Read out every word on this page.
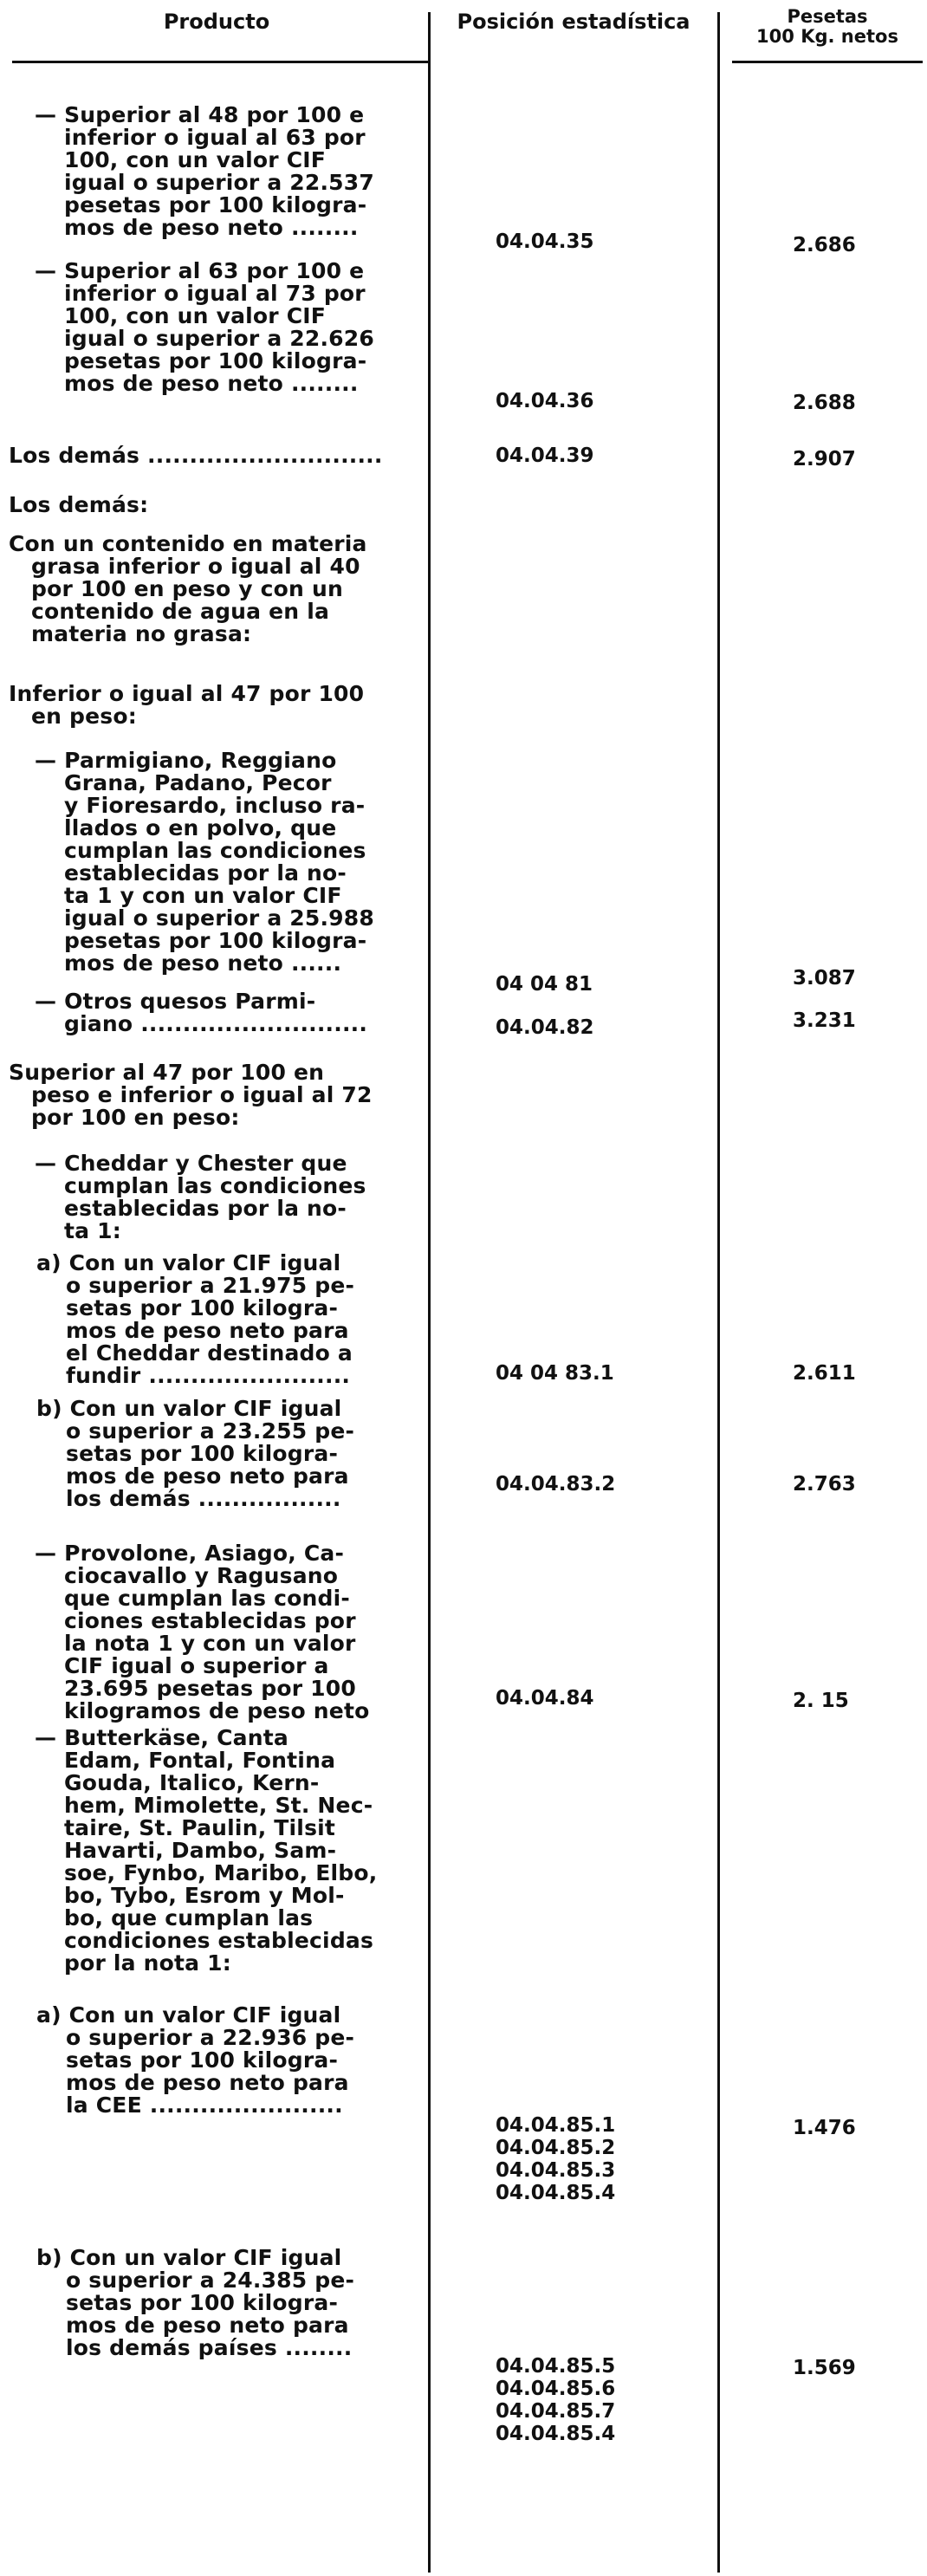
Producto	Posición estadística	Pesetas
100 Kg. netos
— Superior al 48 por 100 e
inferior o igual al 63 por
100, con un valor CIF
igual o superior a 22.537
pesetas por 100 kilogra-
mos de peso neto ........
— Superior al 63 por 100 e
inferior o igual al 73 por
100, con un valor CIF
igual o superior a 22.626
pesetas por 100 kilogra-
mos de peso neto ........
Los demás ............................
Los demás:
Con un contenido en materia
grasa inferior o igual al 40
por 100 en peso y con un
contenido de agua en la
materia no grasa:
Inferior o igual al 47 por 100
en peso:
— Parmigiano, Reggiano
Grana, Padano, Pecor
y Fioresardo, incluso ra-
llados o en polvo, que
cumplan las condiciones
establecidas por la no-
ta 1 y con un valor CIF
igual o superior a 25.988
pesetas por 100 kilogra-
mos de peso neto ......
— Otros quesos Parmi-
giano ...........................
Superior al 47 por 100 en
peso e inferior o igual al 72
por 100 en peso:
— Cheddar y Chester que
cumplan las condiciones
establecidas por la no-
ta 1:
a) Con un valor CIF igual
o superior a 21.975 pe-
setas por 100 kilogra-
mos de peso neto para
el Cheddar destinado a
fundir ........................
b) Con un valor CIF igual
o superior a 23.255 pe-
setas por 100 kilogra-
mos de peso neto para
los demás .................
— Provolone, Asiago, Ca-
ciocavallo y Ragusano
que cumplan las condi-
ciones establecidas por
la nota 1 y con un valor
CIF igual o superior a
23.695 pesetas por 100
kilogramos de peso neto
— Butterkäse, Canta
Edam, Fontal, Fontina
Gouda, Italico, Kern-
hem, Mimolette, St. Nec-
taire, St. Paulin, Tilsit
Havarti, Dambo, Sam-
soe, Fynbo, Maribo, Elbo,
bo, Tybo, Esrom y Mol-
bo, que cumplan las
condiciones establecidas
por la nota 1:
a) Con un valor CIF igual
o superior a 22.936 pe-
setas por 100 kilogra-
mos de peso neto para
la CEE .......................
b) Con un valor CIF igual
o superior a 24.385 pe-
setas por 100 kilogra-
mos de peso neto para
los demás países ........
04.04.35
04.04.36
04.04.39
04 04 81
04.04.82
04 04 83.1
04.04.83.2
04.04.84
04.04.85.1
04.04.85.2
04.04.85.3
04.04.85.4
04.04.85.5
04.04.85.6
04.04.85.7
04.04.85.4
2.686
2.688
2.907
3.087
3.231
2.611
2.763
2. 15
1.476
1.569
